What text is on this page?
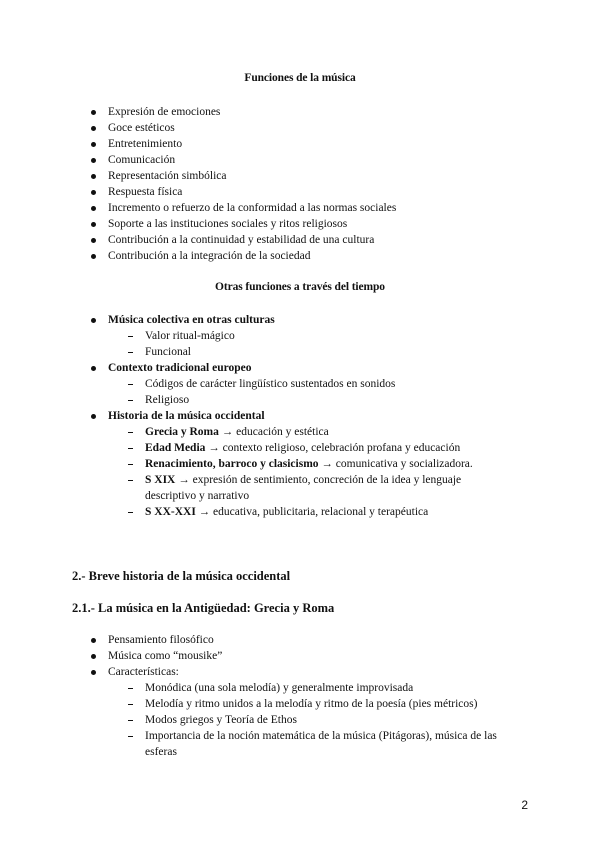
Funciones de la música
Expresión de emociones
Goce estéticos
Entretenimiento
Comunicación
Representación simbólica
Respuesta física
Incremento o refuerzo de la conformidad a las normas sociales
Soporte a las instituciones sociales y ritos religiosos
Contribución a la continuidad y estabilidad de una cultura
Contribución a la integración de la sociedad
Otras funciones a través del tiempo
Música colectiva en otras culturas
Valor ritual-mágico
Funcional
Contexto tradicional europeo
Códigos de carácter lingüístico sustentados en sonidos
Religioso
Historia de la música occidental
Grecia y Roma → educación y estética
Edad Media → contexto religioso, celebración profana y educación
Renacimiento, barroco y clasicismo → comunicativa y socializadora.
S XIX → expresión de sentimiento, concreción de la idea y lenguaje
descriptivo y narrativo
S XX-XXI → educativa, publicitaria, relacional y terapéutica
2.- Breve historia de la música occidental
2.1.- La música en la Antigüedad: Grecia y Roma
Pensamiento filosófico
Música como “mousike”
Características:
Monódica (una sola melodía) y generalmente improvisada
Melodía y ritmo unidos a la melodía y ritmo de la poesía (pies métricos)
Modos griegos y Teoría de Ethos
Importancia de la noción matemática de la música (Pitágoras), música de las
esferas
2
